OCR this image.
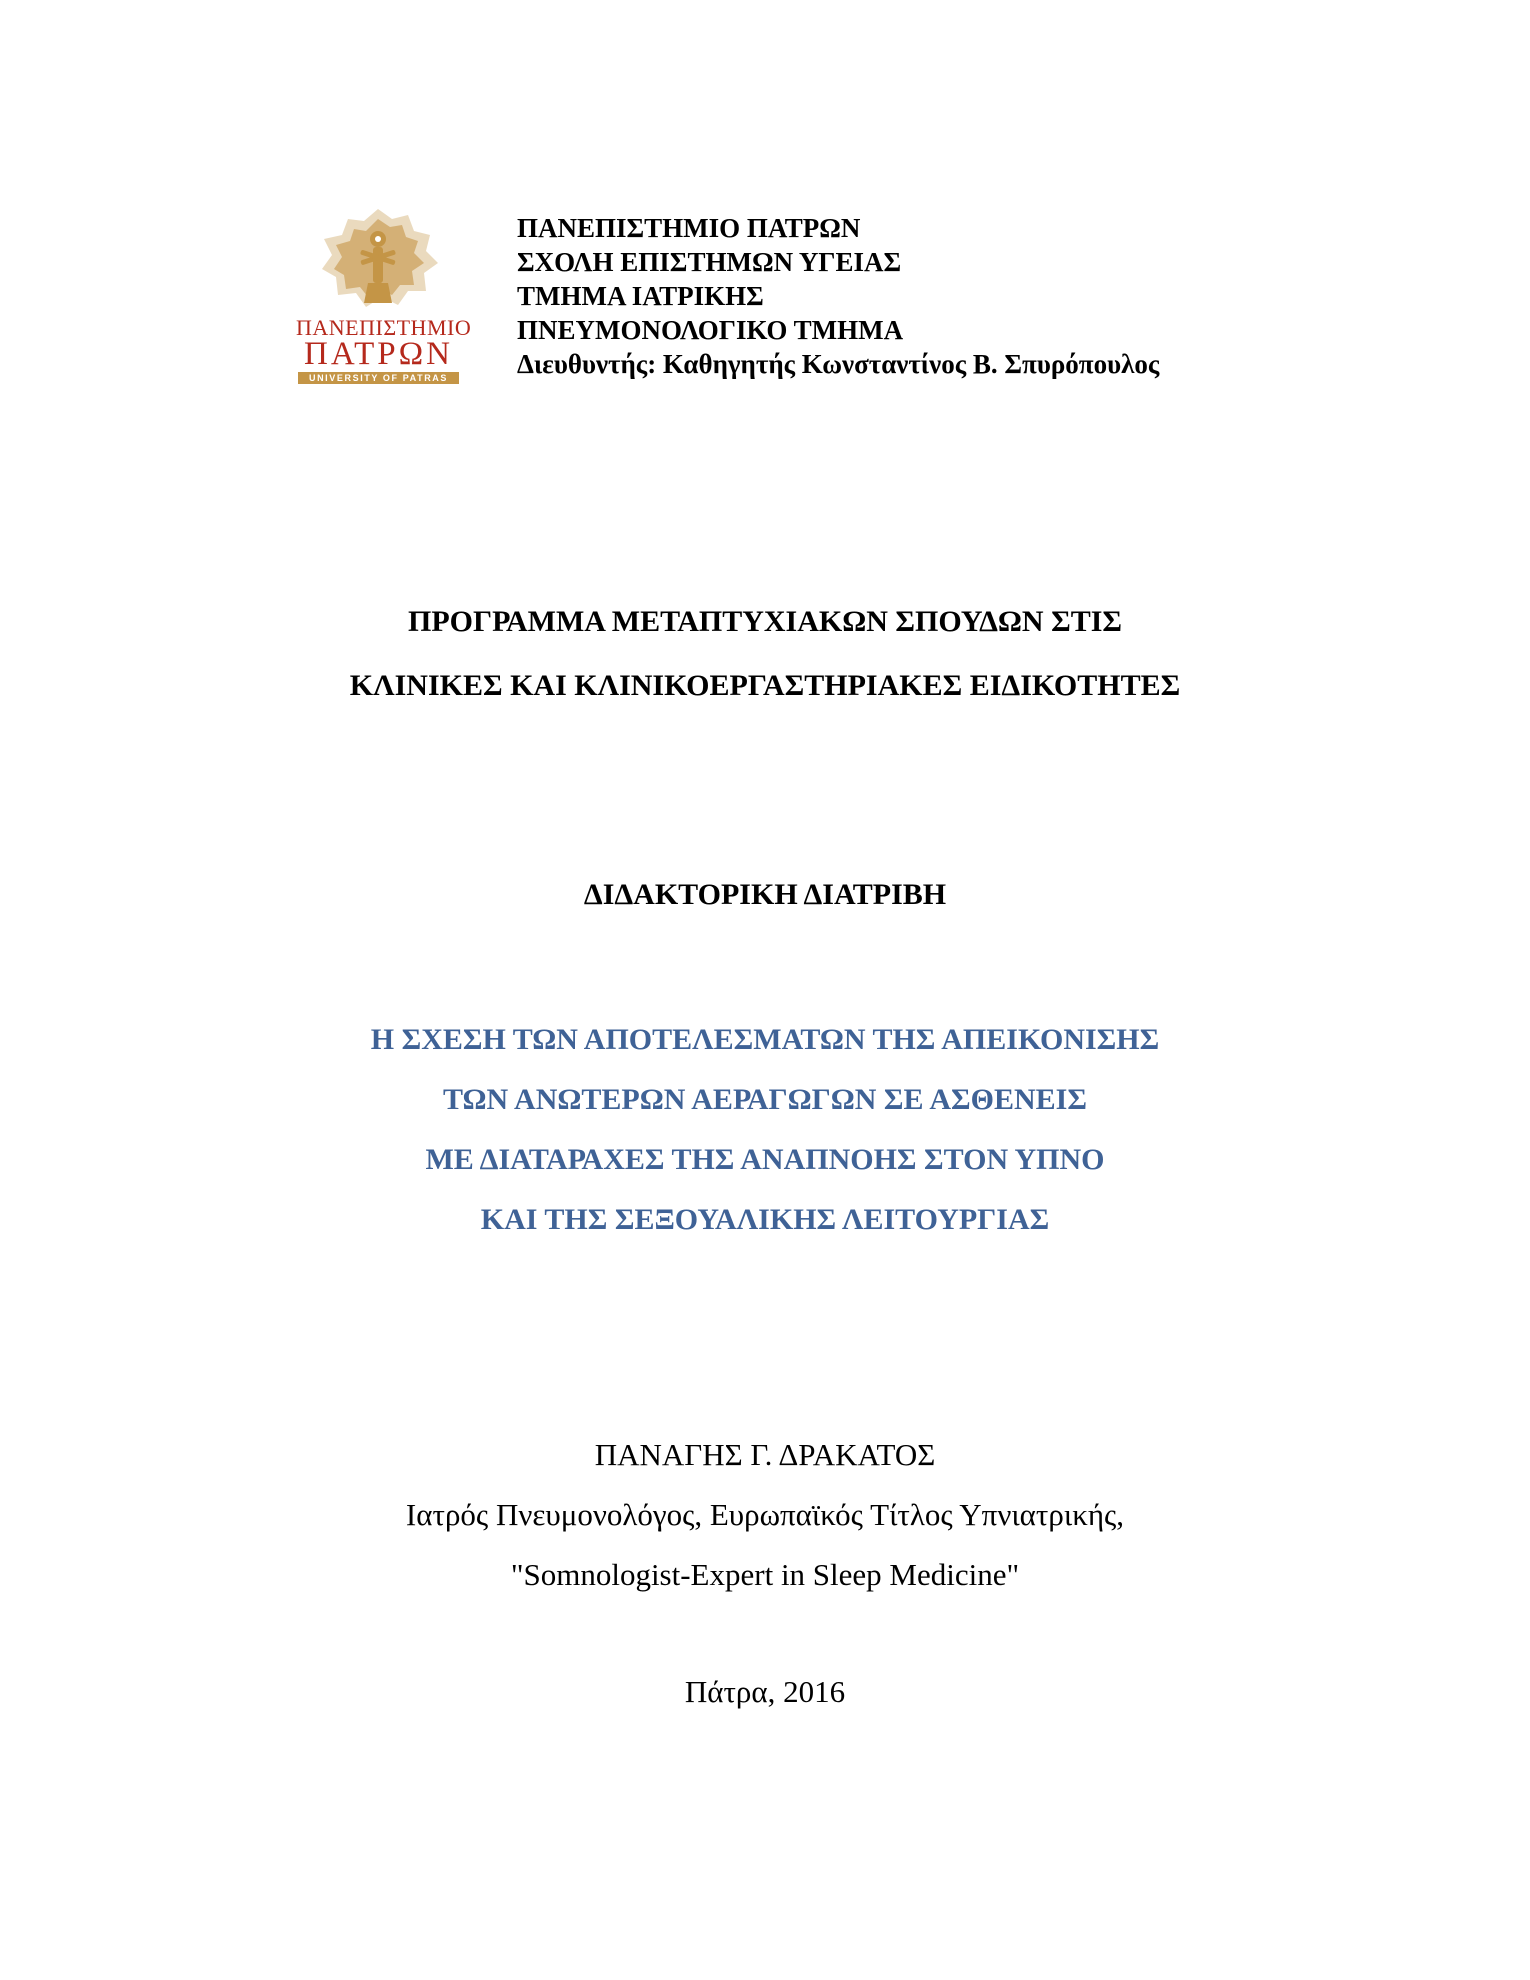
ΠΑΝΕΠΙΣΤΗΜΙΟ
ΠΑΤΡΩΝ
UNIVERSITY OF PATRAS
ΠΑΝΕΠΙΣΤΗΜΙΟ ΠΑΤΡΩΝ
ΣΧΟΛΗ ΕΠΙΣΤΗΜΩΝ ΥΓΕΙΑΣ
ΤΜΗΜΑ ΙΑΤΡΙΚΗΣ
ΠΝΕΥΜΟΝΟΛΟΓΙΚΟ ΤΜΗΜΑ
Διευθυντής: Καθηγητής Κωνσταντίνος Β. Σπυρόπουλος
ΠΡΟΓΡΑΜΜΑ ΜΕΤΑΠΤΥΧΙΑΚΩΝ ΣΠΟΥΔΩΝ ΣΤΙΣ
ΚΛΙΝΙΚΕΣ ΚΑΙ ΚΛΙΝΙΚΟΕΡΓΑΣΤΗΡΙΑΚΕΣ ΕΙΔΙΚΟΤΗΤΕΣ
ΔΙΔΑΚΤΟΡΙΚΗ ΔΙΑΤΡΙΒΗ
Η ΣΧΕΣΗ ΤΩΝ ΑΠΟΤΕΛΕΣΜΑΤΩΝ ΤΗΣ ΑΠΕΙΚΟΝΙΣΗΣ
ΤΩΝ ΑΝΩΤΕΡΩΝ ΑΕΡΑΓΩΓΩΝ ΣΕ ΑΣΘΕΝΕΙΣ
ΜΕ ΔΙΑΤΑΡΑΧΕΣ ΤΗΣ ΑΝΑΠΝΟΗΣ ΣΤΟΝ ΥΠΝΟ
ΚΑΙ ΤΗΣ ΣΕΞΟΥΑΛΙΚΗΣ ΛΕΙΤΟΥΡΓΙΑΣ
ΠΑΝΑΓΗΣ Γ. ΔΡΑΚΑΤΟΣ
Ιατρός Πνευμονολόγος, Ευρωπαϊκός Τίτλος Υπνιατρικής,
"Somnologist-Expert in Sleep Medicine"
Πάτρα, 2016
